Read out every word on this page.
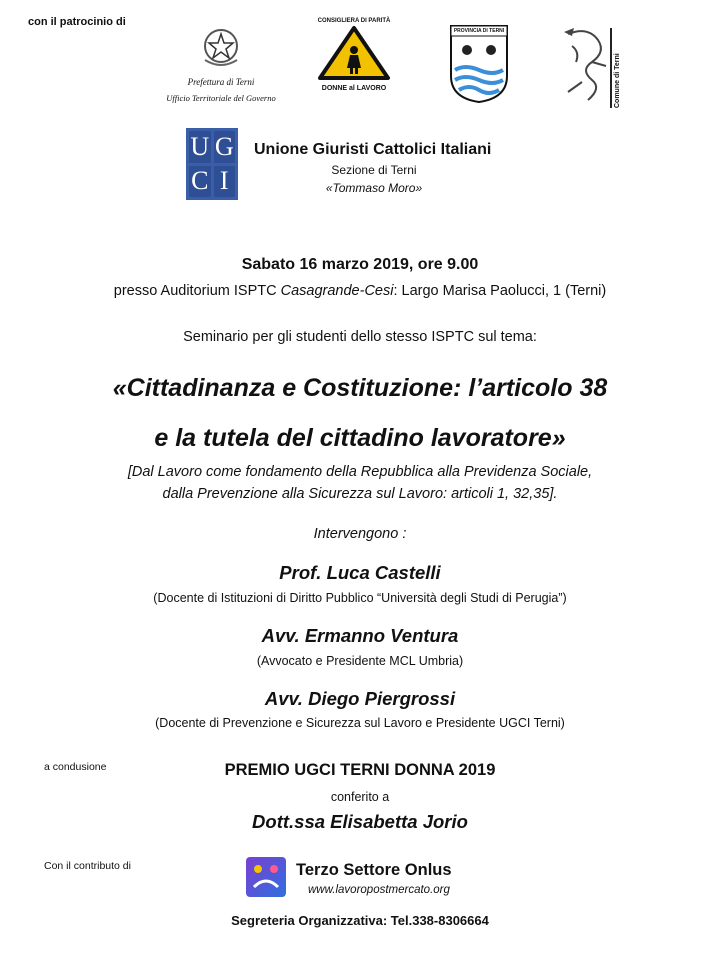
con il patrocinio di
Prefettura di Terni
Ufficio Territoriale del Governo
CONSIGLIERA DI PARITÀ
DONNE al LAVORO
PROVINCIA DI TERNI
Comune di Terni
U G
C I
Unione Giuristi Cattolici Italiani
Sezione di Terni
«Tommaso Moro»
Sabato 16 marzo 2019, ore 9.00
presso Auditorium ISPTC Casagrande-Cesi: Largo Marisa Paolucci, 1 (Terni)
Seminario per gli studenti dello stesso ISPTC sul tema:
«Cittadinanza e Costituzione: l’articolo 38
e la tutela del cittadino lavoratore»
[Dal Lavoro come fondamento della Repubblica alla Previdenza Sociale,
dalla Prevenzione alla Sicurezza sul Lavoro: articoli 1, 32,35].
Intervengono :
Prof. Luca Castelli
(Docente di Istituzioni di Diritto Pubblico “Università degli Studi di Perugia”)
Avv. Ermanno Ventura
(Avvocato e Presidente MCL Umbria)
Avv. Diego Piergrossi
(Docente di Prevenzione e Sicurezza sul Lavoro e Presidente UGCI Terni)
a condusione	PREMIO UGCI TERNI DONNA 2019
conferito a
Dott.ssa Elisabetta Jorio
Con il contributo di	Terzo Settore Onlus
www.lavoropostmercato.org
Segreteria Organizzativa: Tel.338-8306664
